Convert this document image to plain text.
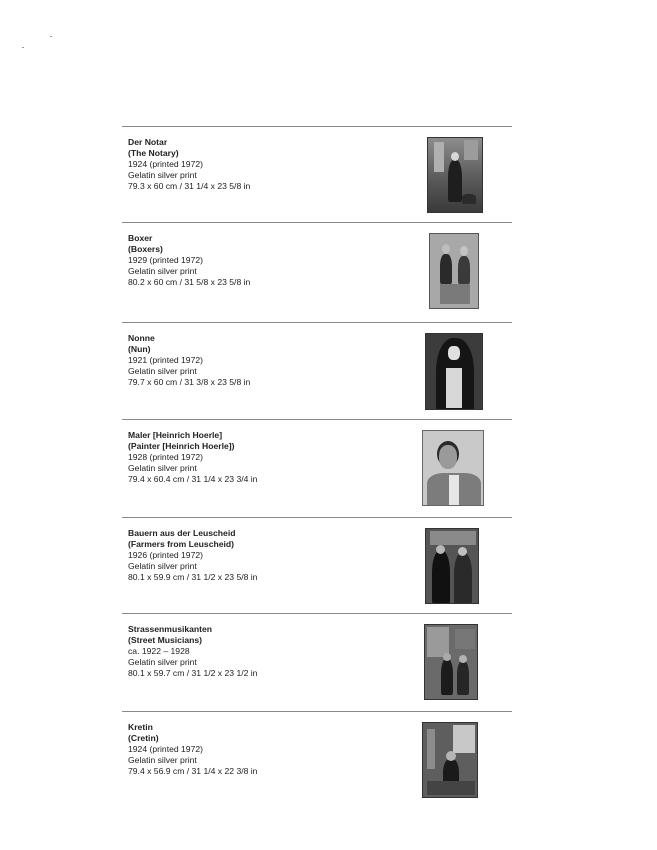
Der Notar
(The Notary)
1924 (printed 1972)
Gelatin silver print
79.3 x 60 cm / 31 1/4 x 23 5/8 in
Boxer
(Boxers)
1929 (printed 1972)
Gelatin silver print
80.2 x 60 cm / 31 5/8 x 23 5/8 in
Nonne
(Nun)
1921 (printed 1972)
Gelatin silver print
79.7 x 60 cm / 31 3/8 x 23 5/8 in
Maler [Heinrich Hoerle]
(Painter [Heinrich Hoerle])
1928 (printed 1972)
Gelatin silver print
79.4 x 60.4 cm / 31 1/4 x 23 3/4 in
Bauern aus der Leuscheid
(Farmers from Leuscheid)
1926 (printed 1972)
Gelatin silver print
80.1 x 59.9 cm / 31 1/2 x 23 5/8 in
Strassenmusikanten
(Street Musicians)
ca. 1922 – 1928
Gelatin silver print
80.1 x 59.7 cm / 31 1/2 x 23 1/2 in
Kretin
(Cretin)
1924 (printed 1972)
Gelatin silver print
79.4 x 56.9 cm / 31 1/4 x 22 3/8 in
